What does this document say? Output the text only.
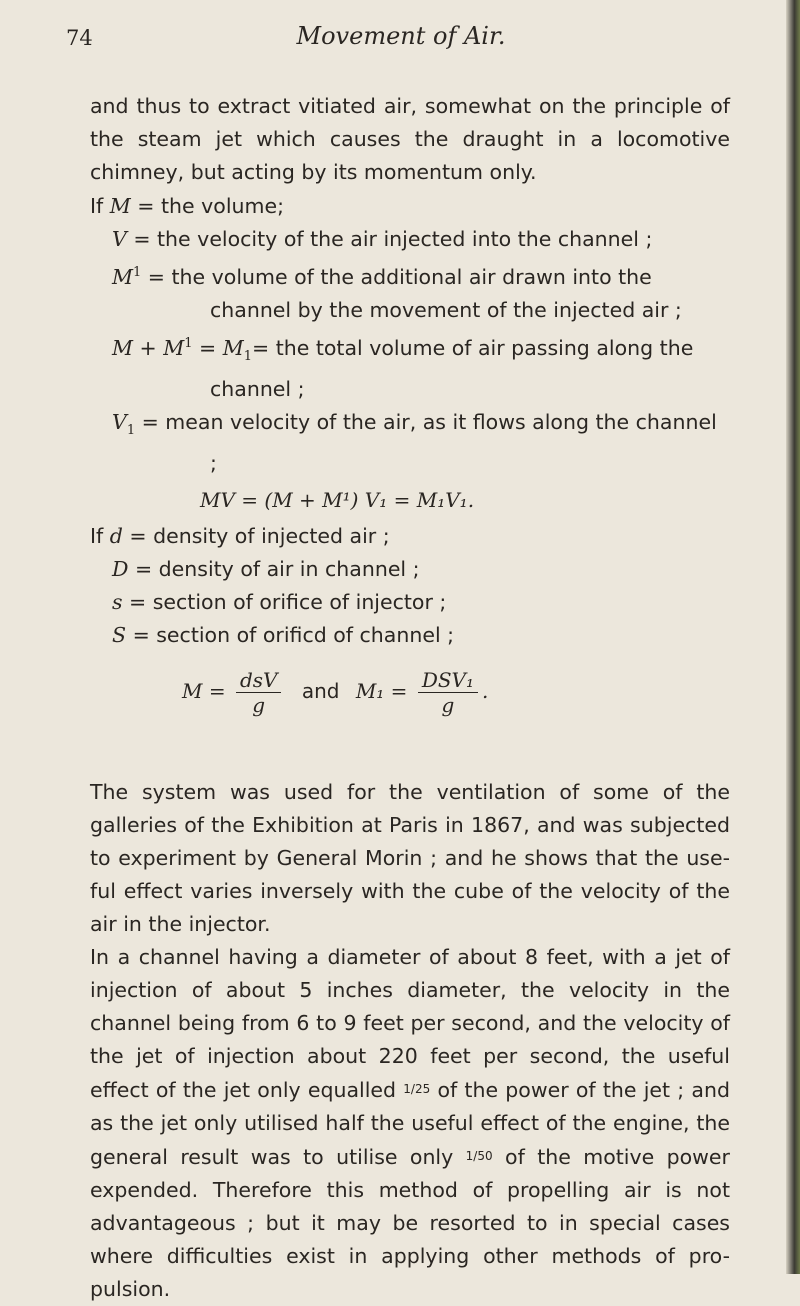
74	Movement of Air.

and thus to extract vitiated air, somewhat on the principle of the steam jet which causes the draught in a locomotive chimney, but acting by its momentum only.

If M = the volume;

V = the velocity of the air injected into the channel ;

$M^1$ = the volume of the additional air drawn into the channel by the movement of the injected air ;

$M + M^1 = M_1=$ the total volume of air passing along the channel ;

$V_1$ = mean velocity of the air, as it flows along the channel ;

MV = (M + M¹) V₁ = M₁V₁.

If d = density of injected air ;

D = density of air in channel ;

s = section of orifice of injector ;

S = section of orificd of channel ;

$M = \frac{\text{dsV}}{g}$ and $M_1 = \frac{\text{DSV₁}}{g}$ .

The system was used for the ventilation of some of the galleries of the Exhibition at Paris in 1867, and was subjected to experiment by General Morin ; and he shows that the use-ful effect varies inversely with the cube of the velocity of the air in the injector.

In a channel having a diameter of about 8 feet, with a jet of injection of about 5 inches diameter, the velocity in the channel being from 6 to 9 feet per second, and the velocity of the jet of injection about 220 feet per second, the useful effect of the jet only equalled 1/25 of the power of the jet ; and as the jet only utilised half the useful effect of the engine, the general result was to utilise only 1/50 of the motive power expended. Therefore this method of propelling air is not advantageous ; but it may be resorted to in special cases where difficulties exist in applying other methods of pro-pulsion.
